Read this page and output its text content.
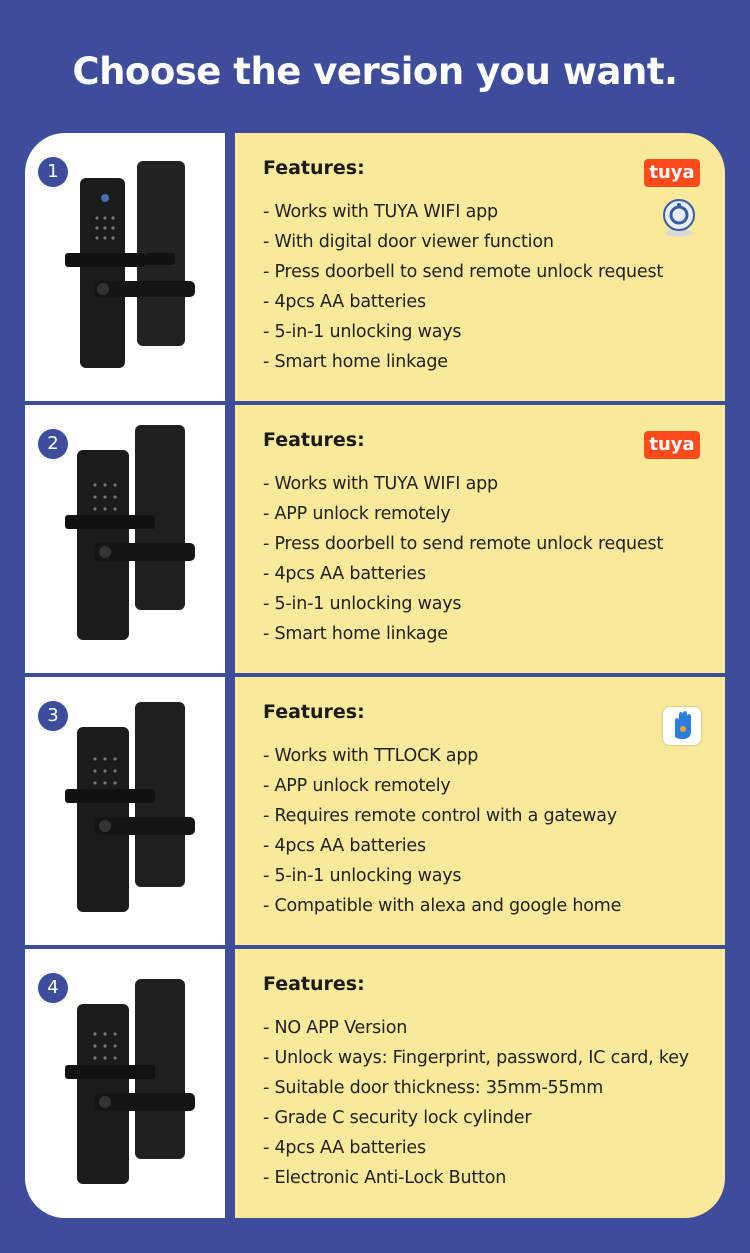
Choose the version you want.
1	Features:
- Works with TUYA WIFI app
- With digital door viewer function
- Press doorbell to send remote unlock request
- 4pcs AA batteries
- 5-in-1 unlocking ways
- Smart home linkage
tuya
2	Features:
- Works with TUYA WIFI app
- APP unlock remotely
- Press doorbell to send remote unlock request
- 4pcs AA batteries
- 5-in-1 unlocking ways
- Smart home linkage
tuya
3	Features:
- Works with TTLOCK app
- APP unlock remotely
- Requires remote control with a gateway
- 4pcs AA batteries
- 5-in-1 unlocking ways
- Compatible with alexa and google home
4	Features:
- NO APP Version
- Unlock ways: Fingerprint, password, IC card, key
- Suitable door thickness: 35mm-55mm
- Grade C security lock cylinder
- 4pcs AA batteries
- Electronic Anti-Lock Button
